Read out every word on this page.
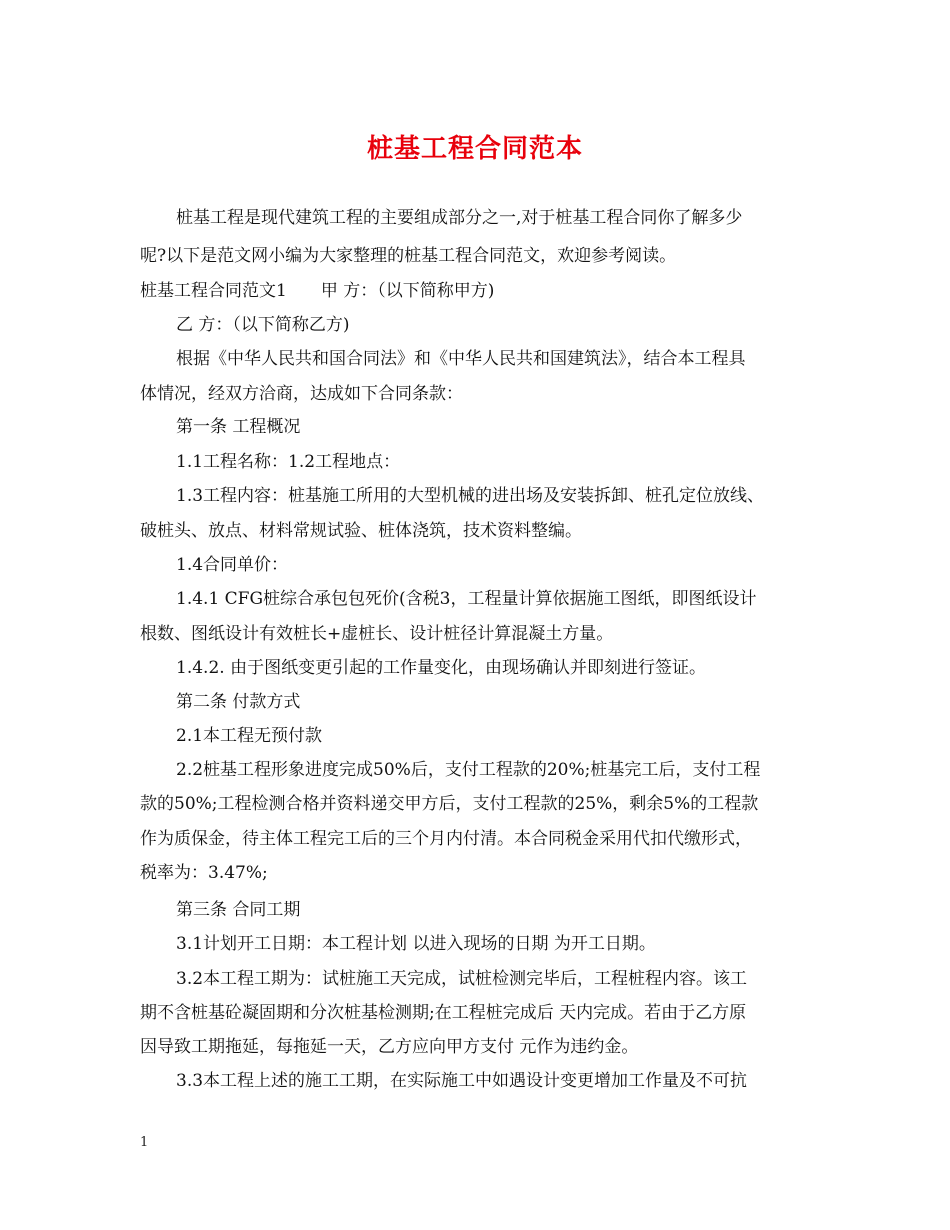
桩基工程合同范本

桩基工程是现代建筑工程的主要组成部分之一,对于桩基工程合同你了解多少

呢?以下是范文网小编为大家整理的桩基工程合同范文，欢迎参考阅读。

桩基工程合同范文1　　甲 方：（以下简称甲方)

乙 方：（以下简称乙方)

根据《中华人民共和国合同法》和《中华人民共和国建筑法》，结合本工程具

体情况，经双方洽商，达成如下合同条款：

第一条 工程概况

1.1工程名称：1.2工程地点：

1.3工程内容：桩基施工所用的大型机械的进出场及安装拆卸、桩孔定位放线、

破桩头、放点、材料常规试验、桩体浇筑，技术资料整编。

1.4合同单价：

1.4.1 CFG桩综合承包包死价(含税3，工程量计算依据施工图纸，即图纸设计

根数、图纸设计有效桩长+虚桩长、设计桩径计算混凝土方量。

1.4.2. 由于图纸变更引起的工作量变化，由现场确认并即刻进行签证。

第二条 付款方式

2.1本工程无预付款

2.2桩基工程形象进度完成50%后，支付工程款的20%;桩基完工后，支付工程

款的50%;工程检测合格并资料递交甲方后，支付工程款的25%，剩余5%的工程款

作为质保金，待主体工程完工后的三个月内付清。本合同税金采用代扣代缴形式，

税率为：3.47%;

第三条 合同工期

3.1计划开工日期：本工程计划 以进入现场的日期 为开工日期。

3.2本工程工期为：试桩施工天完成，试桩检测完毕后，工程桩程内容。该工

期不含桩基砼凝固期和分次桩基检测期;在工程桩完成后 天内完成。若由于乙方原

因导致工期拖延，每拖延一天，乙方应向甲方支付 元作为违约金。

3.3本工程上述的施工工期，在实际施工中如遇设计变更增加工作量及不可抗

1
